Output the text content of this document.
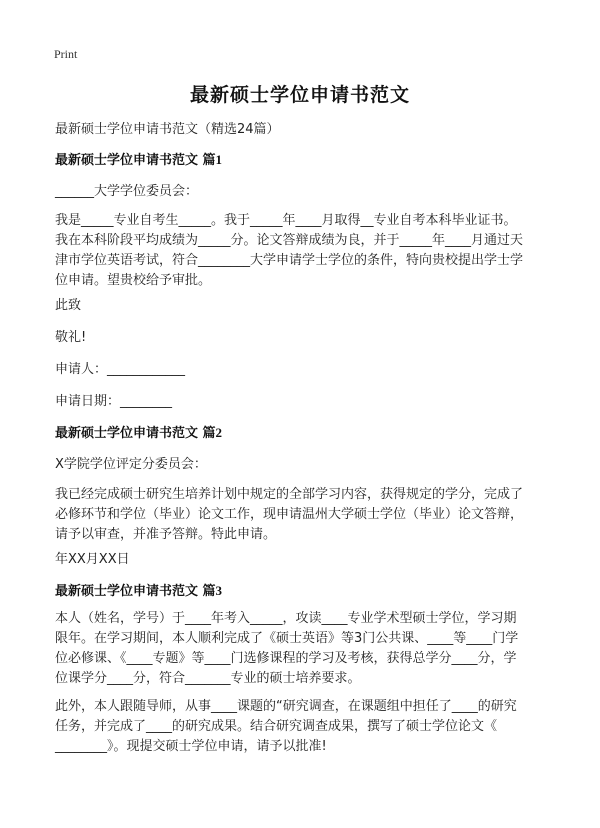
Print
最新硕士学位申请书范文
最新硕士学位申请书范文（精选24篇）
最新硕士学位申请书范文 篇1
______大学学位委员会：
我是_____专业自考生_____。我于_____年____月取得__专业自考本科毕业证书。
我在本科阶段平均成绩为_____分。论文答辩成绩为良，并于_____年____月通过天
津市学位英语考试，符合________大学申请学士学位的条件，特向贵校提出学士学
位申请。望贵校给予审批。
此致
敬礼!
申请人：____________
申请日期：________
最新硕士学位申请书范文 篇2
X学院学位评定分委员会：
我已经完成硕士研究生培养计划中规定的全部学习内容，获得规定的学分，完成了
必修环节和学位（毕业）论文工作，现申请温州大学硕士学位（毕业）论文答辩，
请予以审查，并准予答辩。特此申请。
年XX月XX日
最新硕士学位申请书范文 篇3
本人（姓名，学号）于____年考入_____，攻读____专业学术型硕士学位，学习期
限年。在学习期间，本人顺利完成了《硕士英语》等3门公共课、____等____门学
位必修课、《____专题》等____门选修课程的学习及考核，获得总学分____分，学
位课学分____分，符合_______专业的硕士培养要求。
此外，本人跟随导师，从事____课题的“研究调查，在课题组中担任了____的研究
任务，并完成了____的研究成果。结合研究调查成果，撰写了硕士学位论文《
________》。现提交硕士学位申请，请予以批准!
